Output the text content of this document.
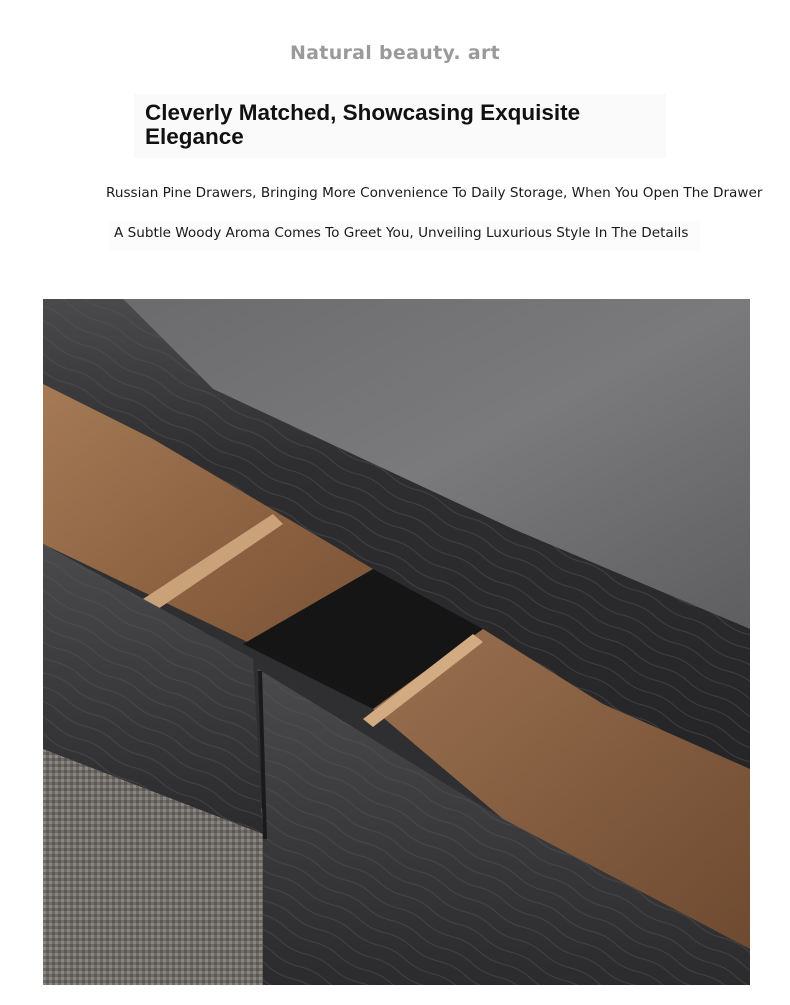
Natural beauty. art
Cleverly Matched, Showcasing Exquisite
Elegance
Russian Pine Drawers, Bringing More Convenience To Daily Storage, When You Open The Drawer
A Subtle Woody Aroma Comes To Greet You, Unveiling Luxurious Style In The Details
